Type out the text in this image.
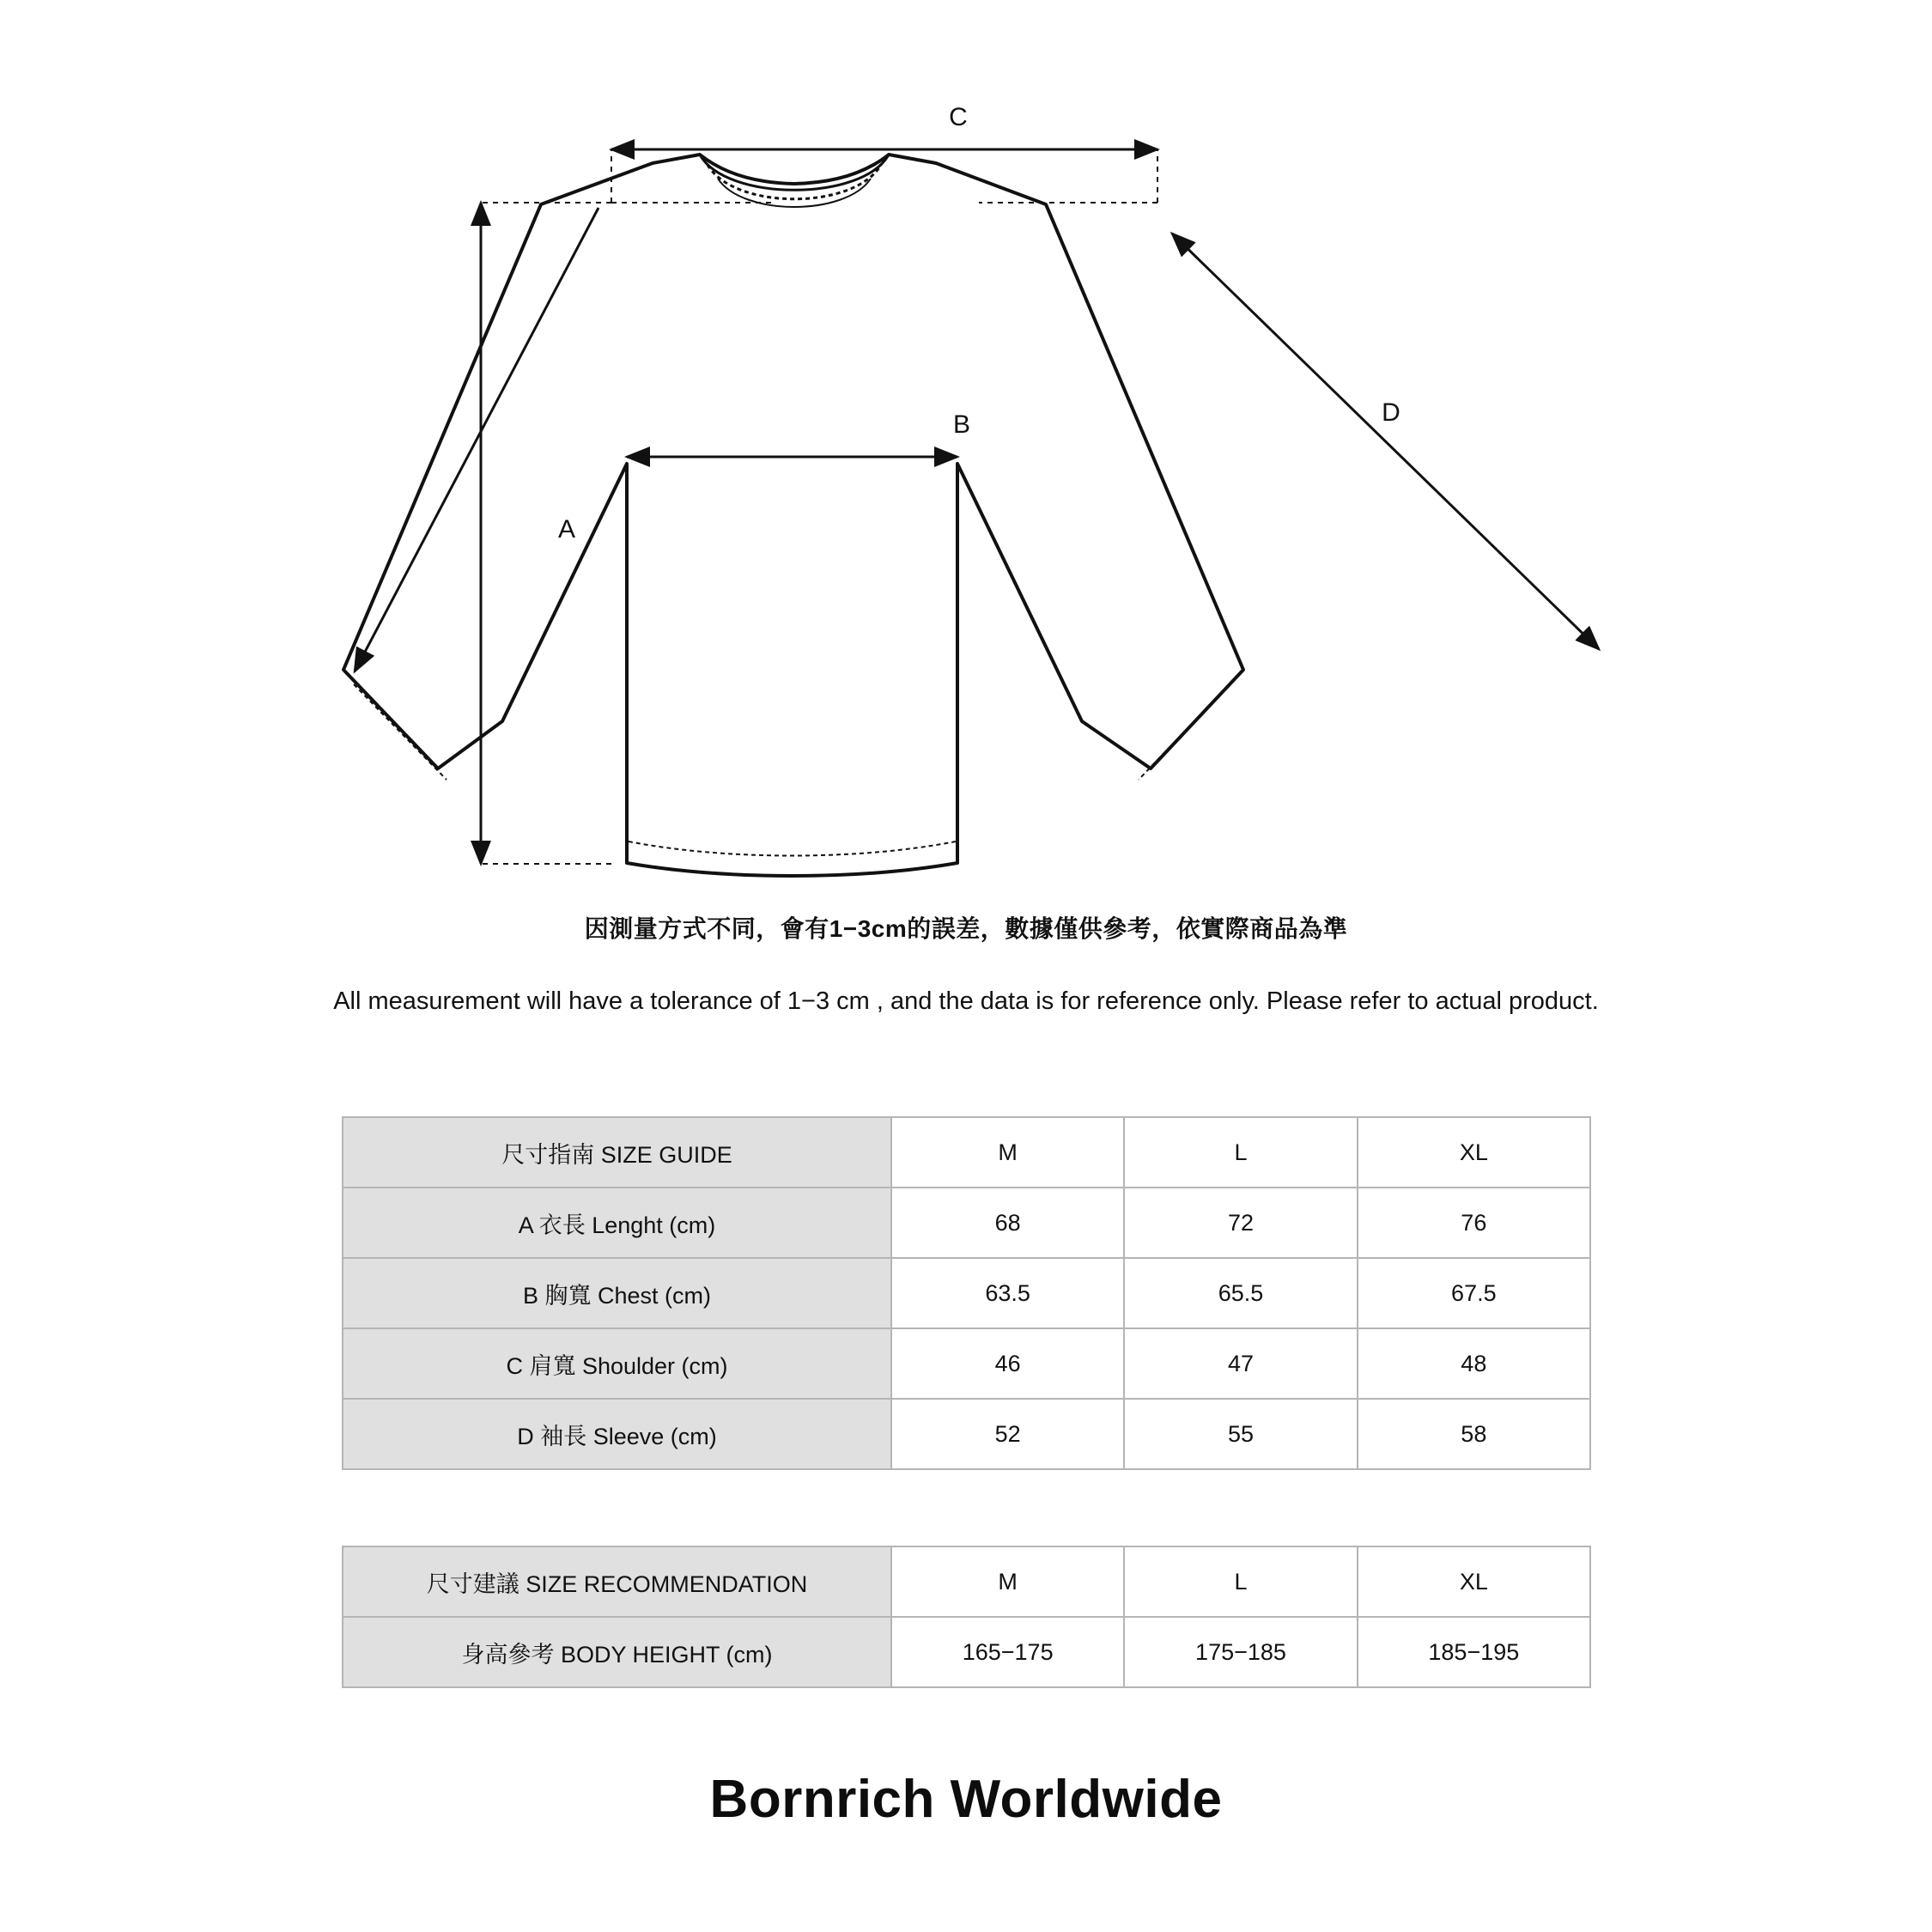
C
B
A
D
因測量方式不同，會有1−3cm的誤差，數據僅供參考，依實際商品為準
All measurement will have a tolerance of 1−3 cm , and the data is for reference only. Please refer to actual product.
尺寸指南 SIZE GUIDE	M	L	XL
A 衣長 Lenght (cm)	68	72	76
B 胸寬 Chest (cm)	63.5	65.5	67.5
C 肩寬 Shoulder (cm)	46	47	48
D 袖長 Sleeve (cm)	52	55	58
尺寸建議 SIZE RECOMMENDATION	M	L	XL
身高參考 BODY HEIGHT (cm)	165−175	175−185	185−195
Bornrich Worldwide
